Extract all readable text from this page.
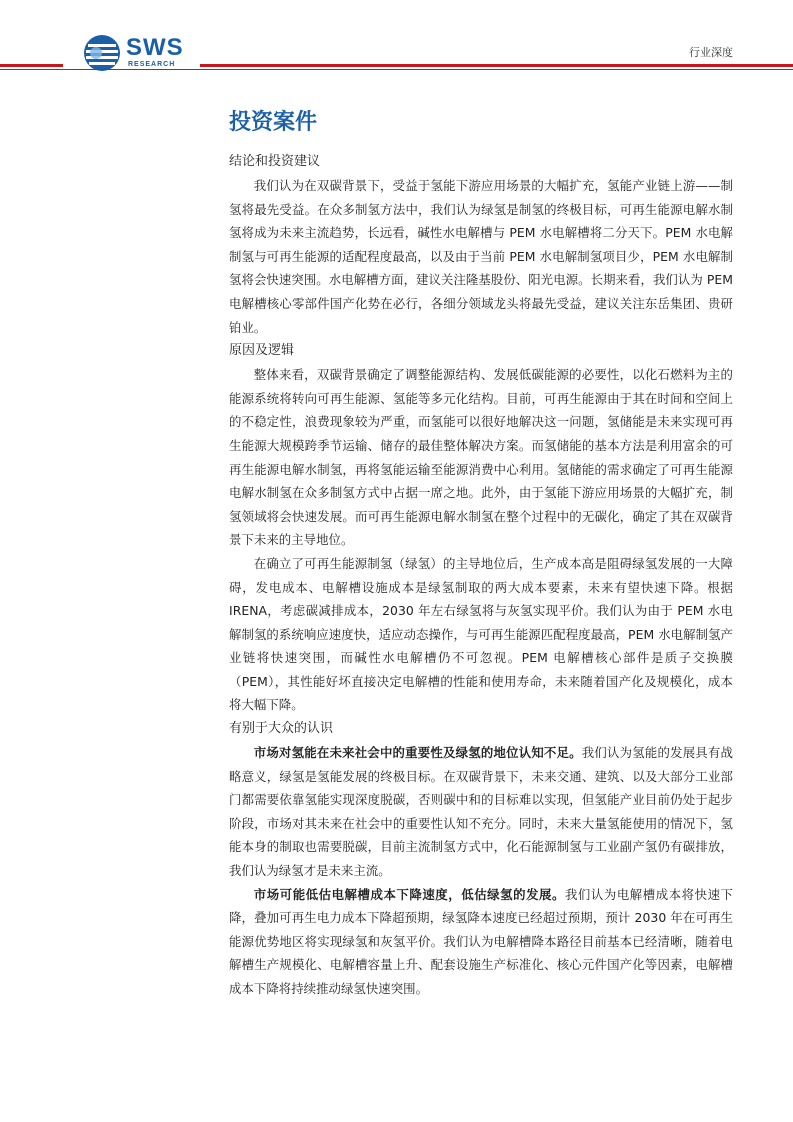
SWS
RESEARCH
行业深度
投资案件

结论和投资建议

我们认为在双碳背景下，受益于氢能下游应用场景的大幅扩充，氢能产业链上游——制氢将最先受益。在众多制氢方法中，我们认为绿氢是制氢的终极目标，可再生能源电解水制氢将成为未来主流趋势，长远看，碱性水电解槽与 PEM 水电解槽将二分天下。PEM 水电解制氢与可再生能源的适配程度最高，以及由于当前 PEM 水电解制氢项目少，PEM 水电解制氢将会快速突围。水电解槽方面，建议关注隆基股份、阳光电源。长期来看，我们认为 PEM 电解槽核心零部件国产化势在必行，各细分领域龙头将最先受益，建议关注东岳集团、贵研铂业。

原因及逻辑

整体来看，双碳背景确定了调整能源结构、发展低碳能源的必要性，以化石燃料为主的能源系统将转向可再生能源、氢能等多元化结构。目前，可再生能源由于其在时间和空间上的不稳定性，浪费现象较为严重，而氢能可以很好地解决这一问题，氢储能是未来实现可再生能源大规模跨季节运输、储存的最佳整体解决方案。而氢储能的基本方法是利用富余的可再生能源电解水制氢，再将氢能运输至能源消费中心利用。氢储能的需求确定了可再生能源电解水制氢在众多制氢方式中占据一席之地。此外，由于氢能下游应用场景的大幅扩充，制氢领域将会快速发展。而可再生能源电解水制氢在整个过程中的无碳化，确定了其在双碳背景下未来的主导地位。

在确立了可再生能源制氢（绿氢）的主导地位后，生产成本高是阻碍绿氢发展的一大障碍，发电成本、电解槽设施成本是绿氢制取的两大成本要素，未来有望快速下降。根据 IRENA，考虑碳减排成本，2030 年左右绿氢将与灰氢实现平价。我们认为由于 PEM 水电解制氢的系统响应速度快，适应动态操作，与可再生能源匹配程度最高，PEM 水电解制氢产业链将快速突围，而碱性水电解槽仍不可忽视。PEM 电解槽核心部件是质子交换膜（PEM），其性能好坏直接决定电解槽的性能和使用寿命，未来随着国产化及规模化，成本将大幅下降。

有别于大众的认识

市场对氢能在未来社会中的重要性及绿氢的地位认知不足。我们认为氢能的发展具有战略意义，绿氢是氢能发展的终极目标。在双碳背景下，未来交通、建筑、以及大部分工业部门都需要依靠氢能实现深度脱碳，否则碳中和的目标难以实现，但氢能产业目前仍处于起步阶段，市场对其未来在社会中的重要性认知不充分。同时，未来大量氢能使用的情况下，氢能本身的制取也需要脱碳，目前主流制氢方式中，化石能源制氢与工业副产氢仍有碳排放，我们认为绿氢才是未来主流。

市场可能低估电解槽成本下降速度，低估绿氢的发展。我们认为电解槽成本将快速下降，叠加可再生电力成本下降超预期，绿氢降本速度已经超过预期，预计 2030 年在可再生能源优势地区将实现绿氢和灰氢平价。我们认为电解槽降本路径目前基本已经清晰，随着电解槽生产规模化、电解槽容量上升、配套设施生产标准化、核心元件国产化等因素，电解槽成本下降将持续推动绿氢快速突围。
